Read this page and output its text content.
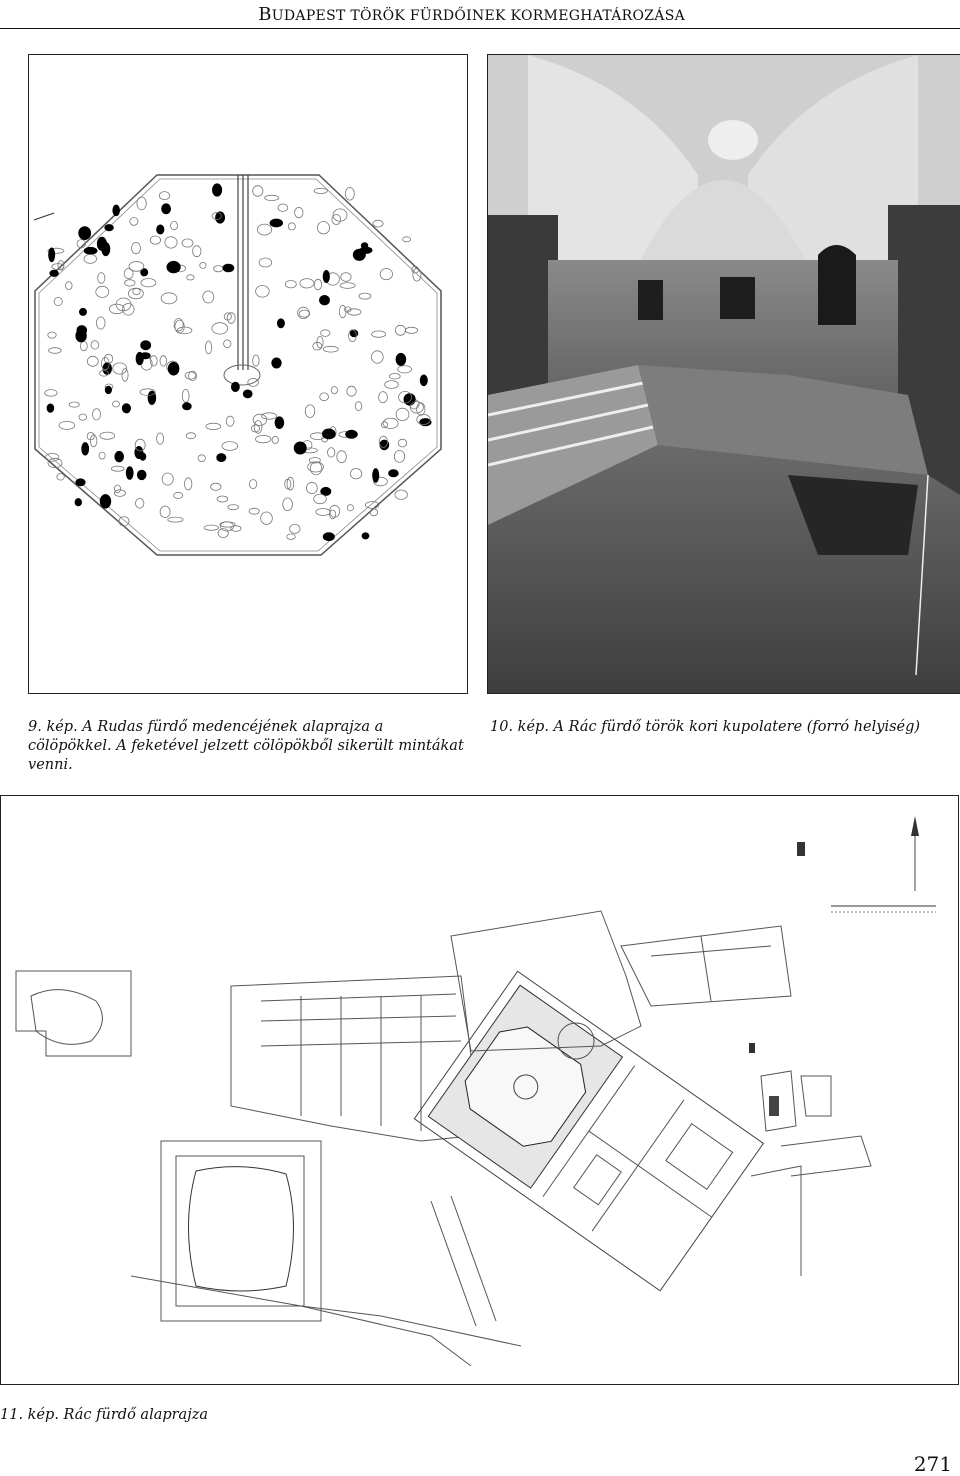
BUDAPEST TÖRÖK FÜRDŐINEK KORMEGHATÁROZÁSA
9. kép. A Rudas fürdő medencéjének alaprajza a cölöpökkel. A feketével jelzett cölöpökből sikerült mintákat venni.
10. kép. A Rác fürdő török kori kupolatere (forró helyiség)
11. kép. Rác fürdő alaprajza
271
